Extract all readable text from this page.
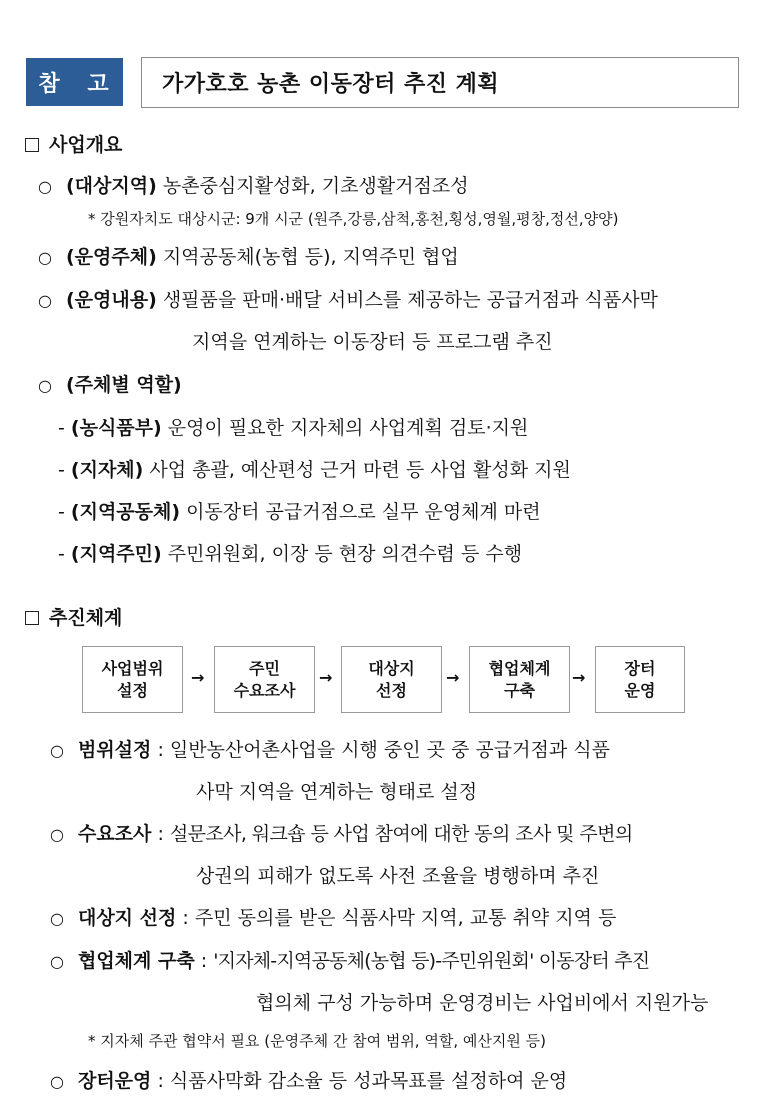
참 고 가가호호 농촌 이동장터 추진 계획
사업개요
○ (대상지역) 농촌중심지활성화, 기초생활거점조성
* 강원자치도 대상시군: 9개 시군 (원주,강릉,삼척,홍천,횡성,영월,평창,정선,양양)
○ (운영주체) 지역공동체(농협 등), 지역주민 협업
○ (운영내용) 생필품을 판매·배달 서비스를 제공하는 공급거점과 식품사막
지역을 연계하는 이동장터 등 프로그램 추진
○ (주체별 역할)
- (농식품부) 운영이 필요한 지자체의 사업계획 검토·지원
- (지자체) 사업 총괄, 예산편성 근거 마련 등 사업 활성화 지원
- (지역공동체) 이동장터 공급거점으로 실무 운영체계 마련
- (지역주민) 주민위원회, 이장 등 현장 의견수렴 등 수행
추진체계
사업범위
설정
→	주민
수요조사
→ 대상지
선정
→ 협업체계
구축
→ 장터
운영
○ 범위설정 : 일반농산어촌사업을 시행 중인 곳 중 공급거점과 식품
사막 지역을 연계하는 형태로 설정
○ 수요조사 : 설문조사, 워크숍 등 사업 참여에 대한 동의 조사 및 주변의
상권의 피해가 없도록 사전 조율을 병행하며 추진
○ 대상지 선정 : 주민 동의를 받은 식품사막 지역, 교통 취약 지역 등
○ 협업체계 구축 : '지자체-지역공동체(농협 등)-주민위원회' 이동장터 추진
협의체 구성 가능하며 운영경비는 사업비에서 지원가능
* 지자체 주관 협약서 필요 (운영주체 간 참여 범위, 역할, 예산지원 등)
○ 장터운영 : 식품사막화 감소율 등 성과목표를 설정하여 운영
